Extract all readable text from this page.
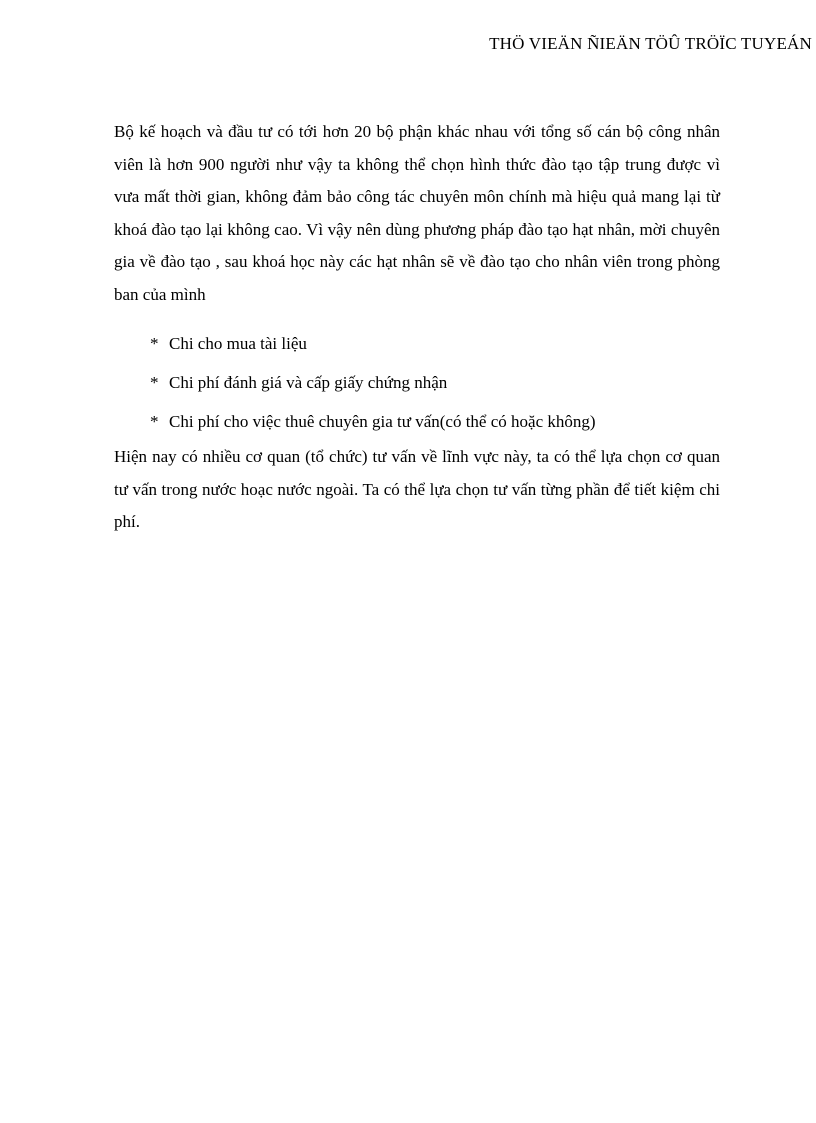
THÖ VIEÄN ÑIEÄN TÖÛ TRÖÏC TUYEÁN

Bộ kế hoạch và đầu tư có tới hơn 20 bộ phận khác nhau với tổng số cán bộ công nhân viên là hơn 900 người như vậy ta không thể chọn hình thức đào tạo tập trung được vì vưa mất thời gian, không đảm bảo công tác chuyên môn chính mà hiệu quả mang lại từ khoá đào tạo lại không cao. Vì vậy nên dùng phương pháp đào tạo hạt nhân, mời chuyên gia về đào tạo , sau khoá học này các hạt nhân sẽ về đào tạo cho nhân viên trong phòng ban của mình

* Chi cho mua tài liệu
* Chi phí đánh giá và cấp giấy chứng nhận
* Chi phí cho việc thuê chuyên gia tư vấn(có thể có hoặc không)

Hiện nay có nhiều cơ quan (tổ chức) tư vấn về lĩnh vực này, ta có thể lựa chọn cơ quan tư vấn trong nước hoạc nước ngoài. Ta có thể lựa chọn tư vấn từng phần để tiết kiệm chi phí.
